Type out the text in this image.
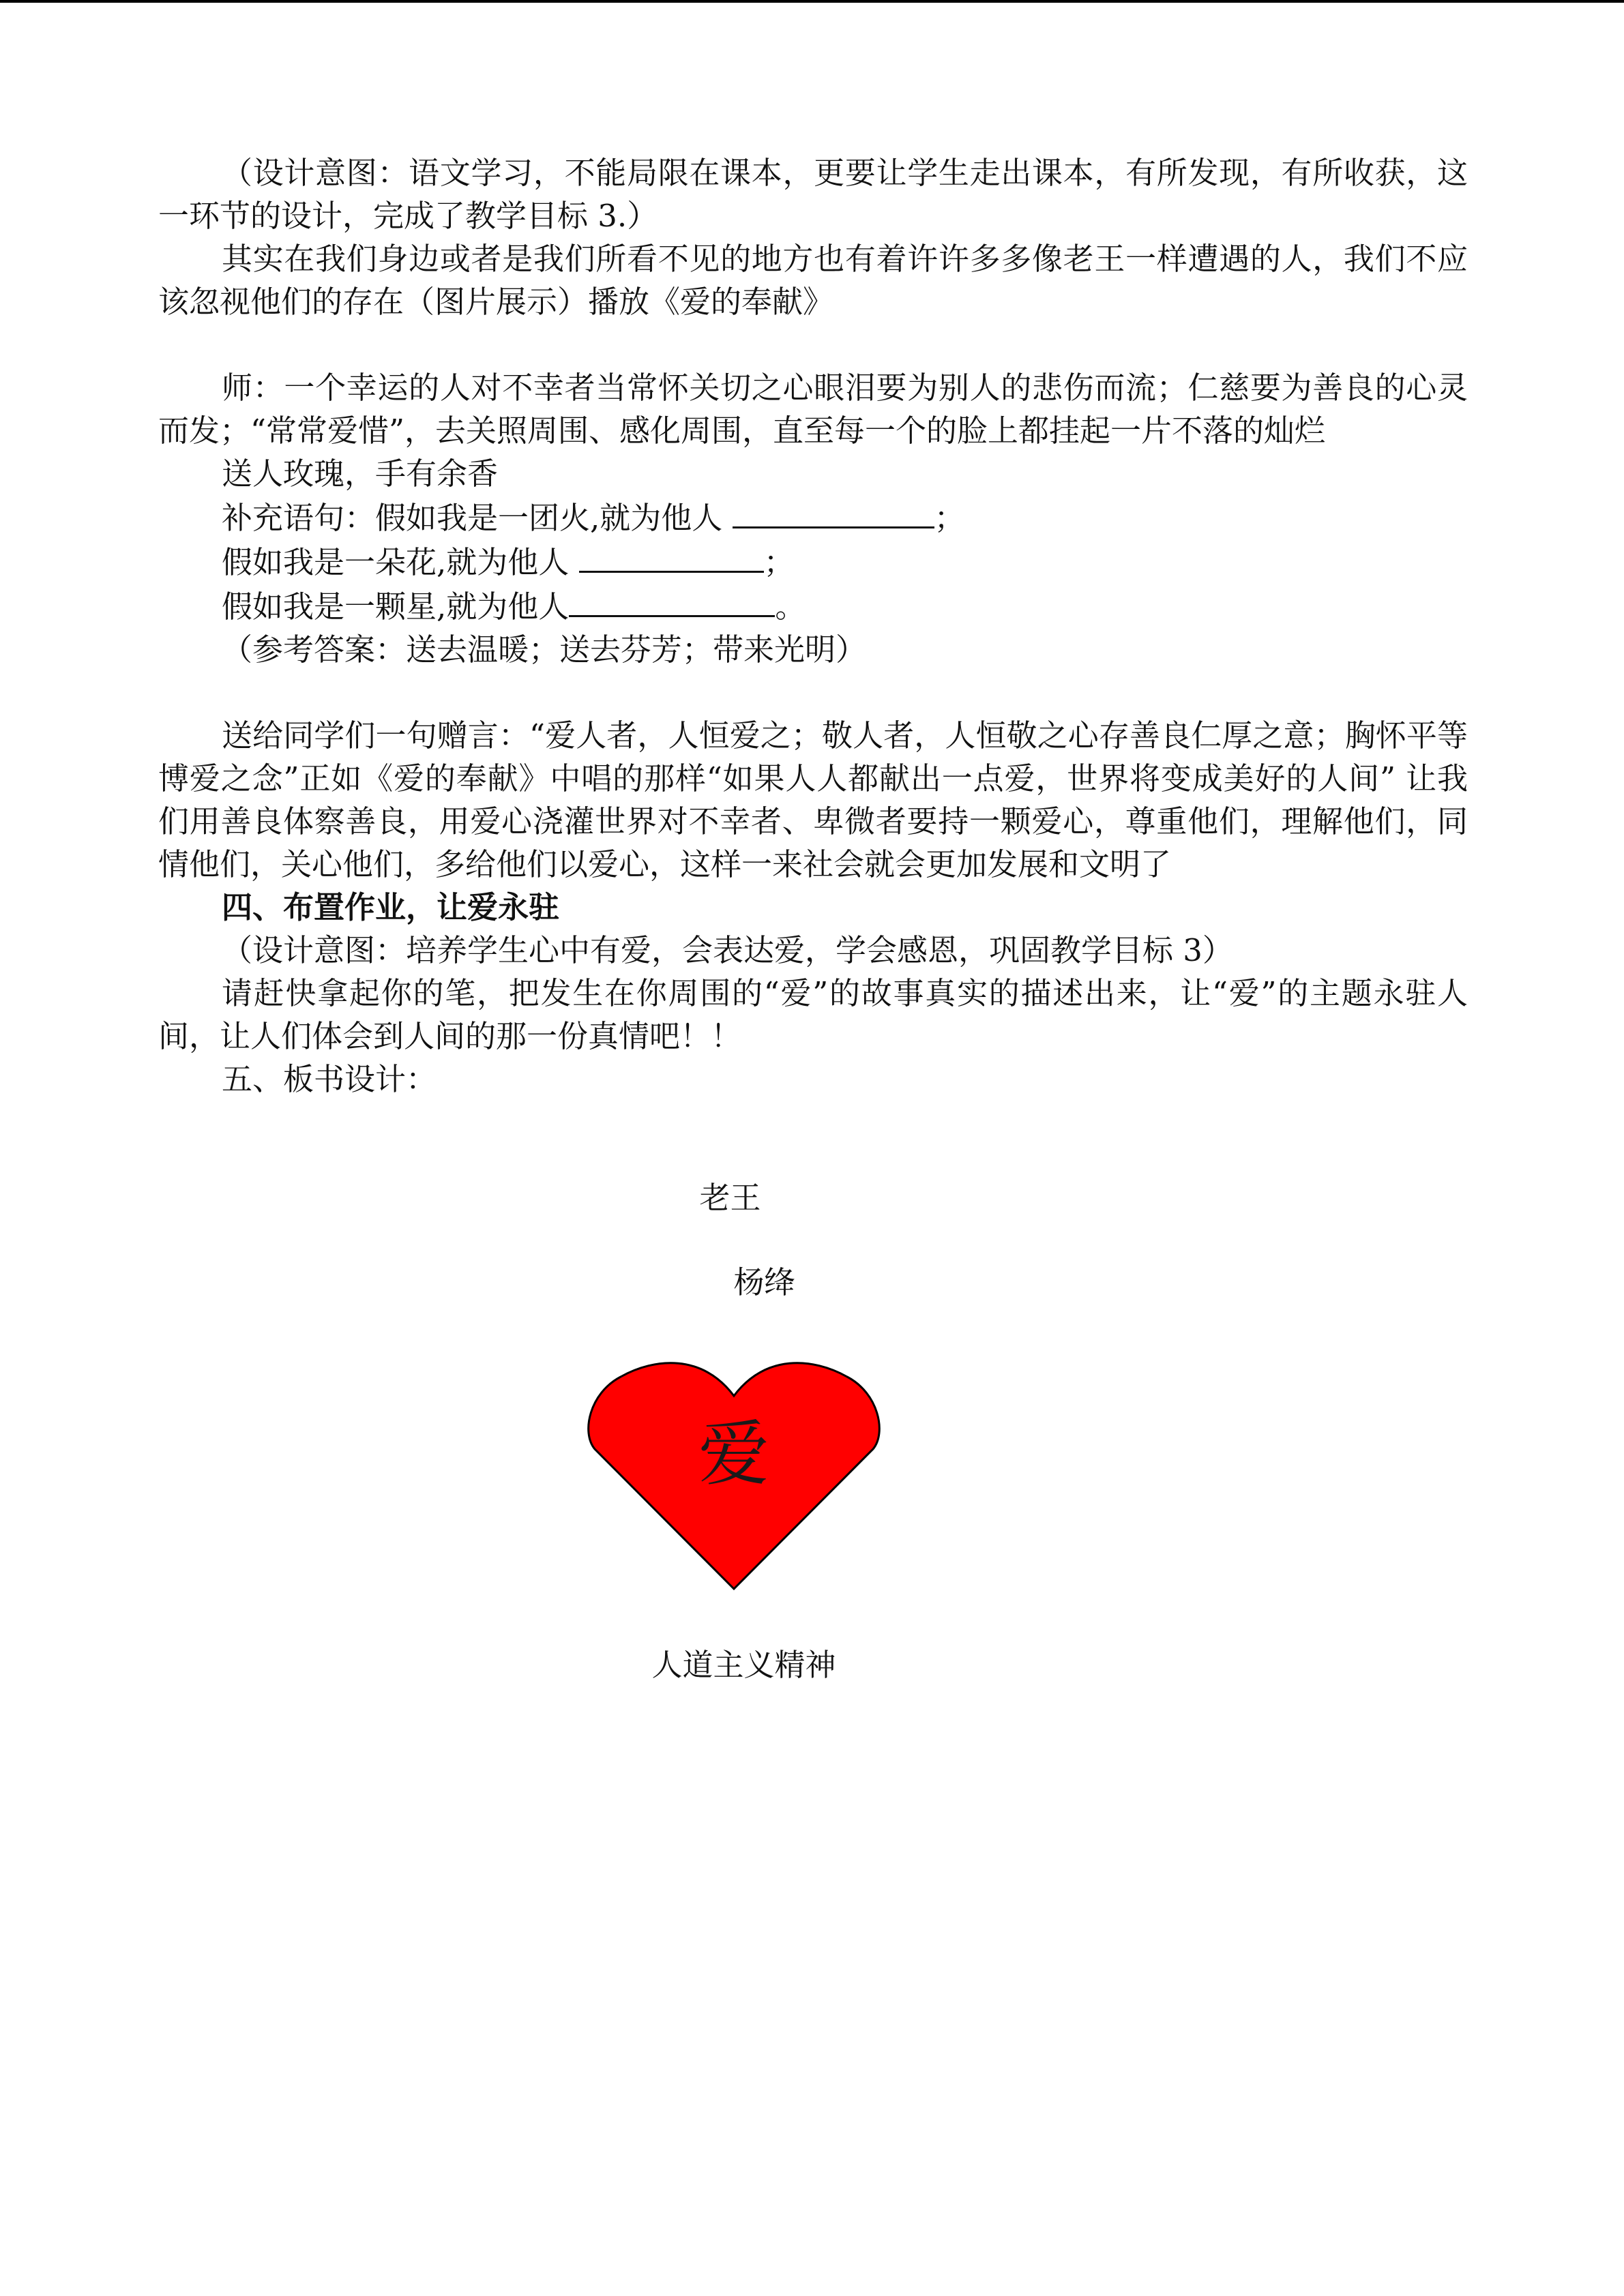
（设计意图：语文学习，不能局限在课本，更要让学生走出课本，有所发现，有所收获，这一环节的设计，完成了教学目标 3.）

其实在我们身边或者是我们所看不见的地方也有着许许多多像老王一样遭遇的人，我们不应该忽视他们的存在（图片展示）播放《爱的奉献》

师：一个幸运的人对不幸者当常怀关切之心眼泪要为别人的悲伤而流；仁慈要为善良的心灵而发；“常常爱惜”，去关照周围、感化周围，直至每一个的脸上都挂起一片不落的灿烂

送人玫瑰，手有余香

补充语句：假如我是一团火,就为他人	；

假如我是一朵花,就为他人	；

假如我是一颗星,就为他人	。

（参考答案：送去温暖；送去芬芳；带来光明）

送给同学们一句赠言：“爱人者，人恒爱之；敬人者，人恒敬之心存善良仁厚之意；胸怀平等博爱之念”正如《爱的奉献》中唱的那样“如果人人都献出一点爱，世界将变成美好的人间” 让我们用善良体察善良，用爱心浇灌世界对不幸者、卑微者要持一颗爱心，尊重他们，理解他们，同情他们，关心他们，多给他们以爱心，这样一来社会就会更加发展和文明了

四、布置作业，让爱永驻

（设计意图：培养学生心中有爱，会表达爱，学会感恩，巩固教学目标 3）

请赶快拿起你的笔，把发生在你周围的“爱”的故事真实的描述出来，让“爱”的主题永驻人间，让人们体会到人间的那一份真情吧！！

五、板书设计：

老王
杨绛
爱
人道主义精神
